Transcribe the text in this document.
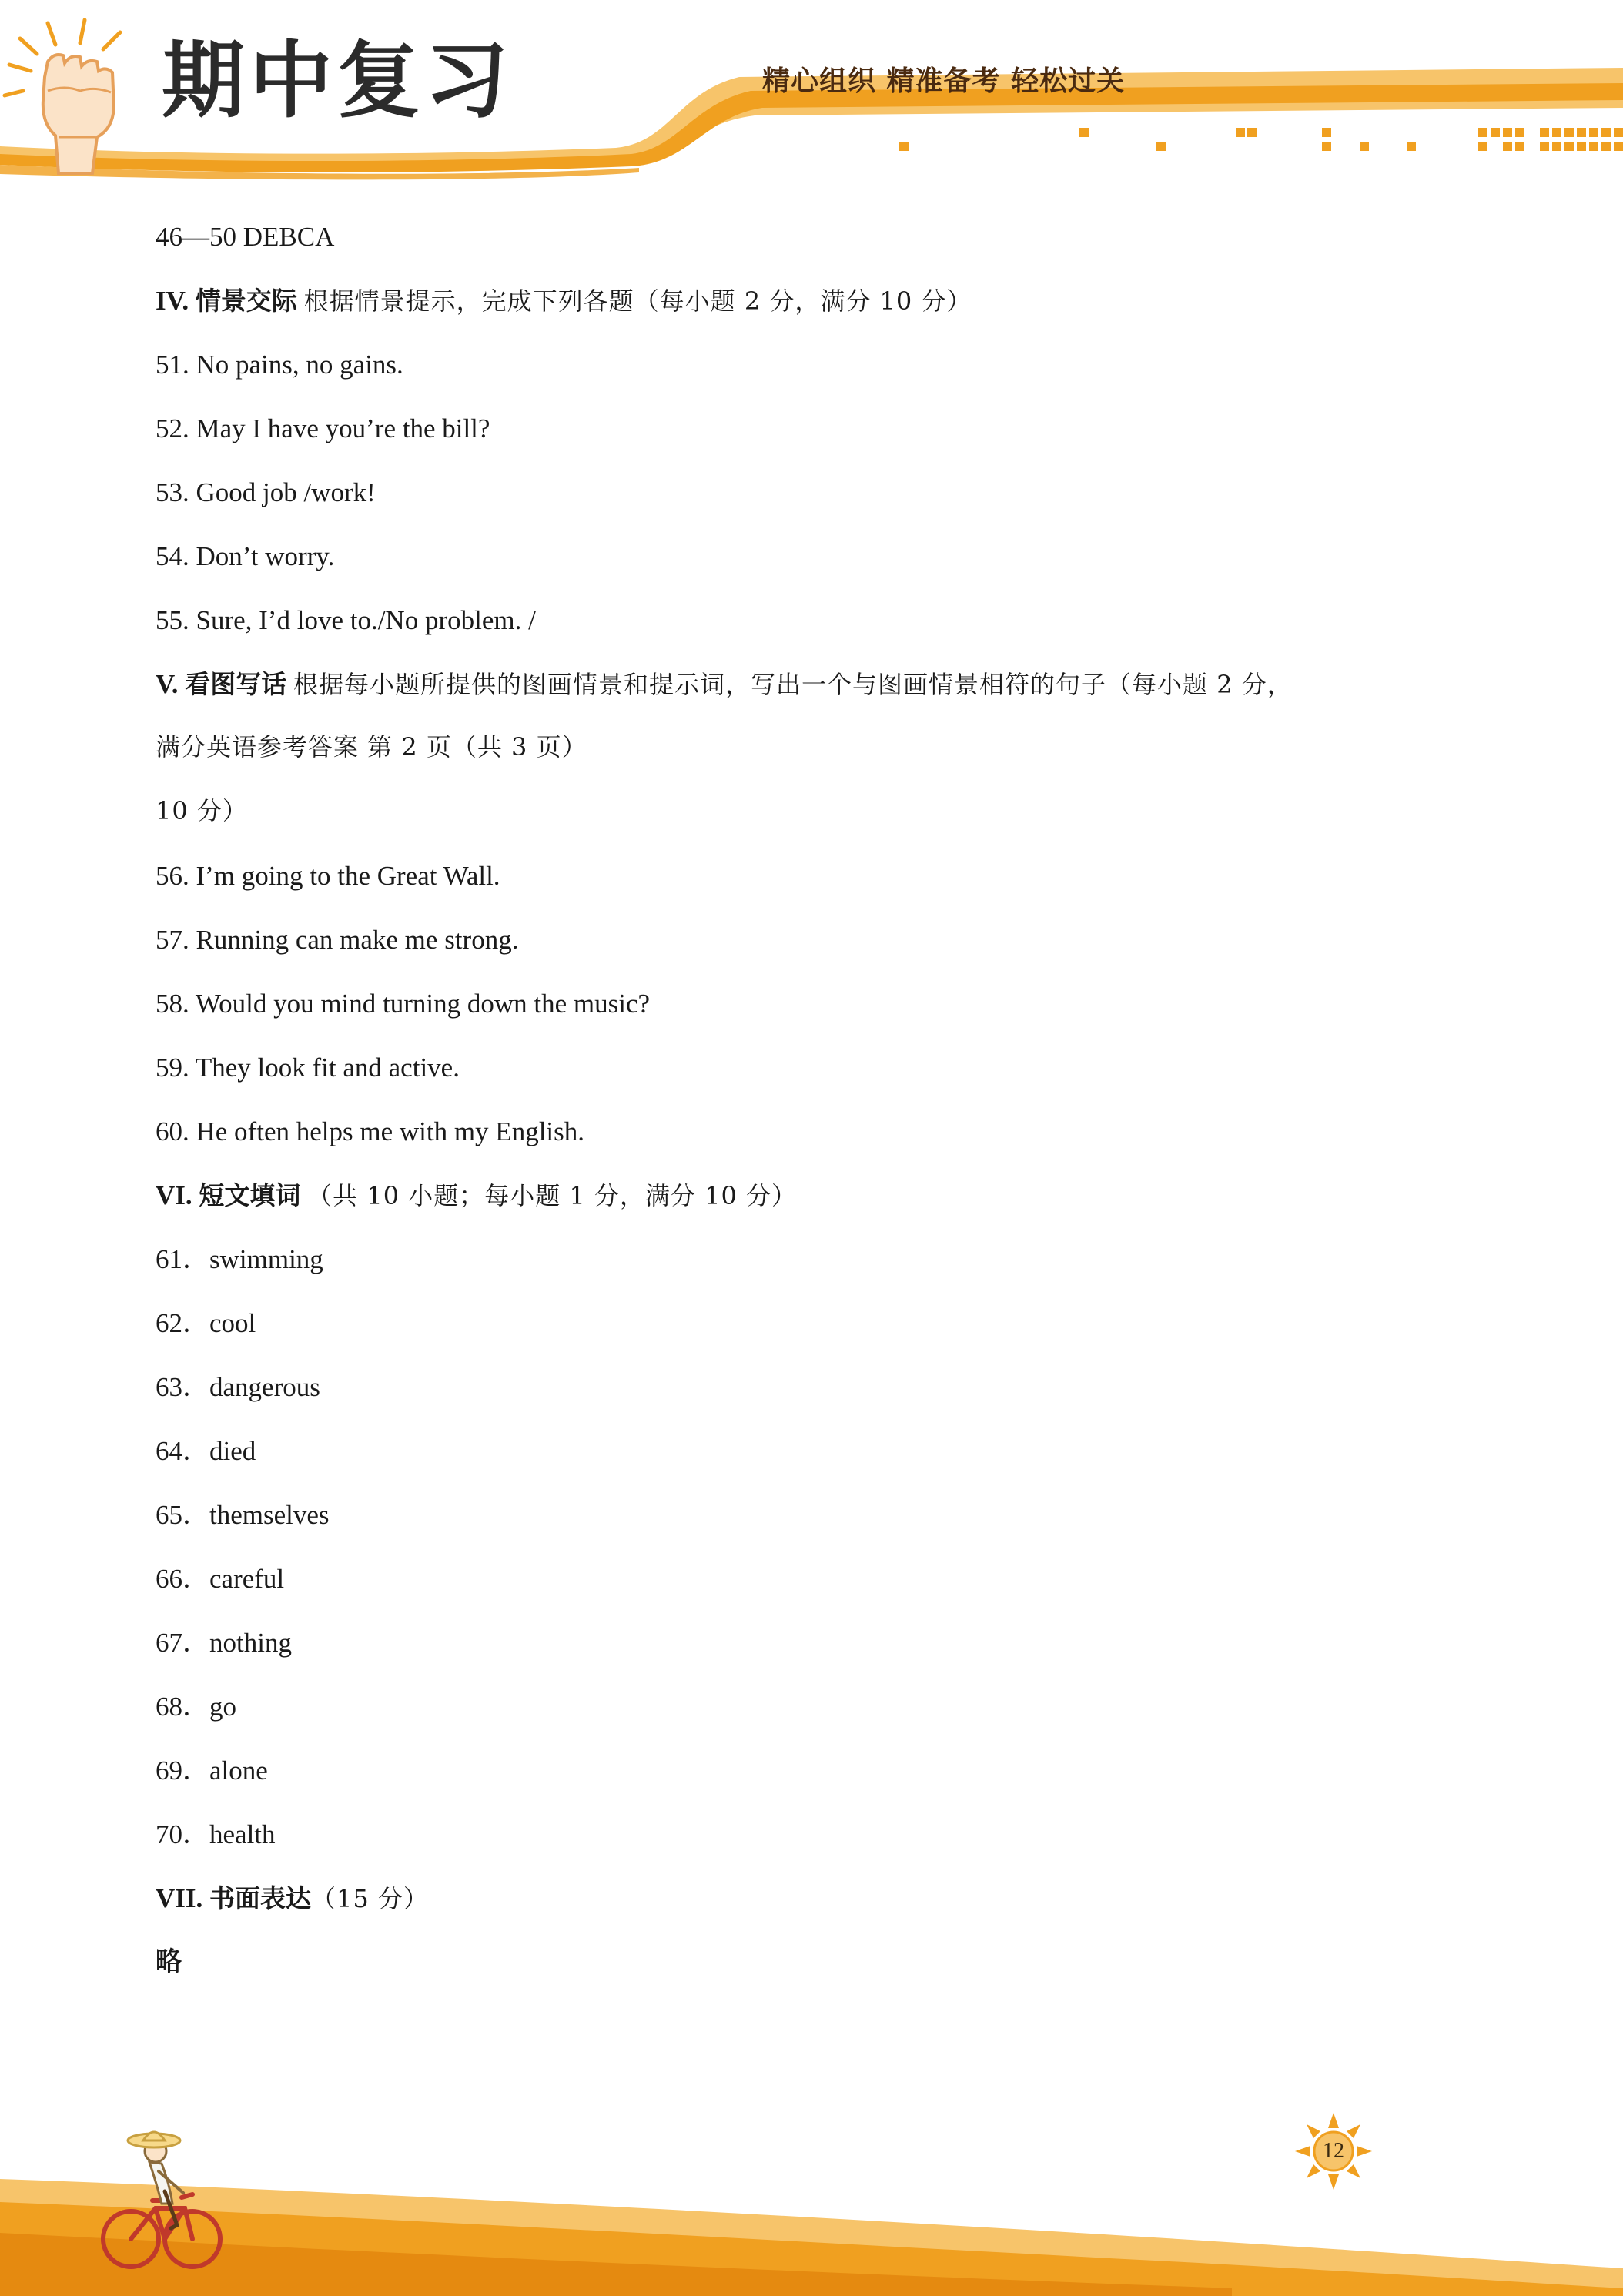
期中复习	精心组织 精准备考 轻松过关
46—50 DEBCA
IV. 情景交际 根据情景提示，完成下列各题（每小题 2 分，满分 10 分）
51. No pains, no gains.
52. May I have you’re the bill?
53. Good job /work!
54. Don’t worry.
55. Sure, I’d love to./No problem. /
V. 看图写话 根据每小题所提供的图画情景和提示词，写出一个与图画情景相符的句子（每小题 2 分，
满分英语参考答案 第 2 页（共 3 页）
10 分）
56. I’m going to the Great Wall.
57. Running can make me strong.
58. Would you mind turning down the music?
59. They look fit and active.
60. He often helps me with my English.
VI. 短文填词 （共 10 小题；每小题 1 分，满分 10 分）
61．swimming
62．cool
63．dangerous
64．died
65．themselves
66．careful
67．nothing
68．go
69．alone
70．health
VII. 书面表达（15 分）
略
12
